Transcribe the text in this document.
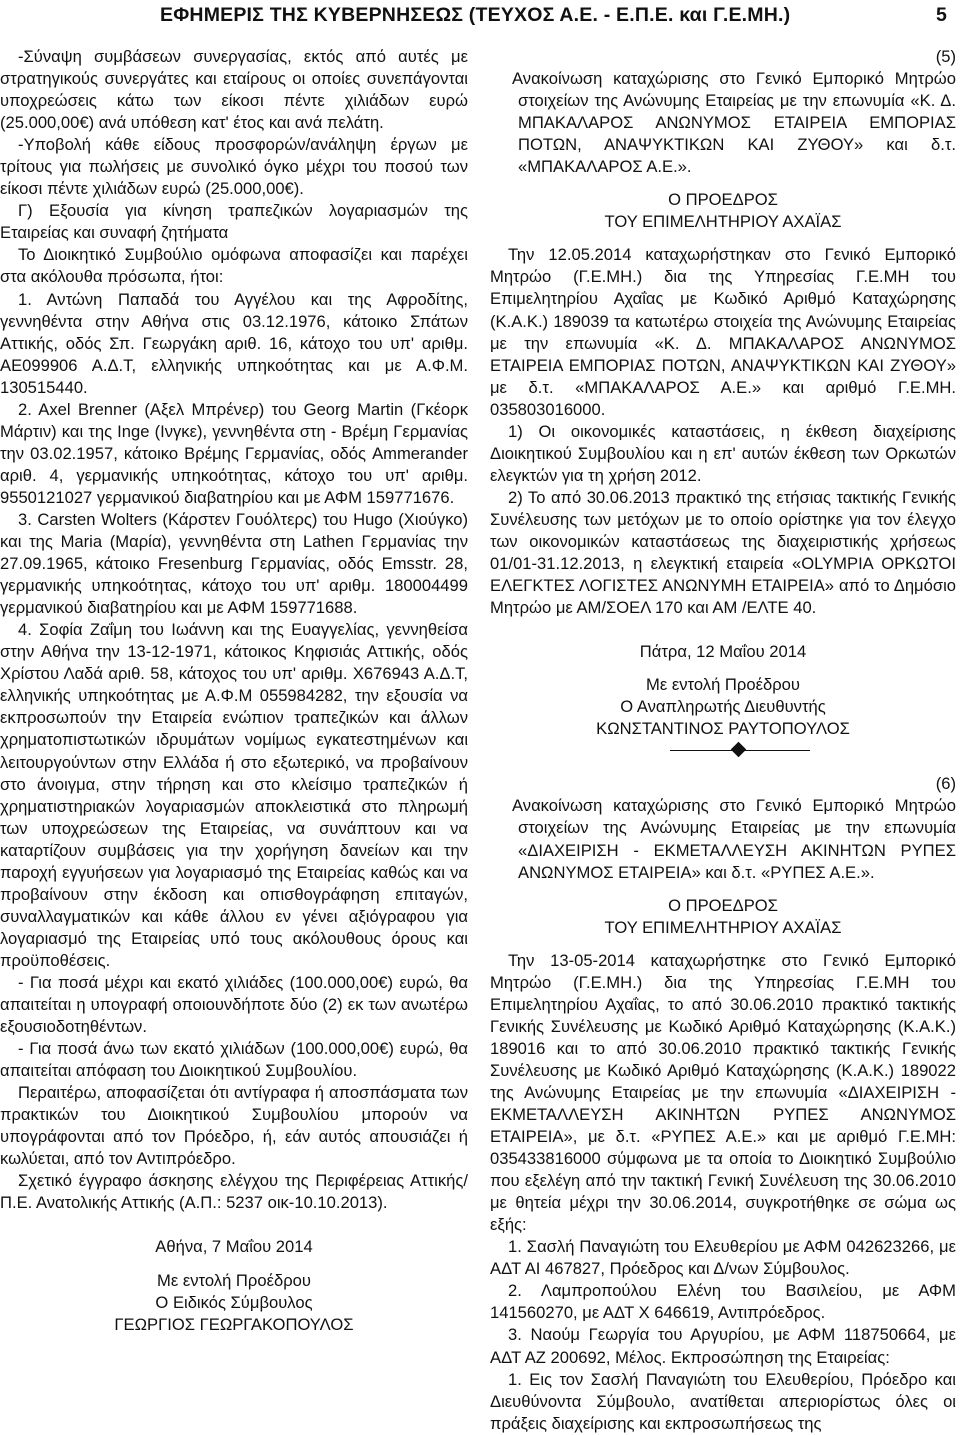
ΕΦΗΜΕΡΙΣ ΤΗΣ ΚΥΒΕΡΝΗΣΕΩΣ (ΤΕΥΧΟΣ Α.Ε. - Ε.Π.Ε. και Γ.Ε.ΜΗ.)	5

-Σύναψη συμβάσεων συνεργασίας, εκτός από αυτές με στρατηγικούς συνεργάτες και εταίρους οι οποίες συνεπάγονται υποχρεώσεις κάτω των είκοσι πέντε χιλιάδων ευρώ (25.000,00€) ανά υπόθεση κατ' έτος και ανά πελάτη.

-Υποβολή κάθε είδους προσφορών/ανάληψη έργων με τρίτους για πωλήσεις με συνολικό όγκο μέχρι του ποσού των είκοσι πέντε χιλιάδων ευρώ (25.000,00€).

Γ) Εξουσία για κίνηση τραπεζικών λογαριασμών της Εταιρείας και συναφή ζητήματα

Το Διοικητικό Συμβούλιο ομόφωνα αποφασίζει και παρέχει στα ακόλουθα πρόσωπα, ήτοι:

1. Αντώνη Παπαδά του Αγγέλου και της Αφροδίτης, γεννηθέντα στην Αθήνα στις 03.12.1976, κάτοικο Σπάτων Αττικής, οδός Σπ. Γεωργάκη αριθ. 16, κάτοχο του υπ' αριθμ. ΑΕ099906 Α.Δ.Τ, ελληνικής υπηκοότητας και με Α.Φ.Μ. 130515440.

2. Axel Brenner (Αξελ Μπρένερ) του Georg Martin (Γκέορκ Μάρτιν) και της Inge (Ινγκε), γεννηθέντα στη - Βρέμη Γερμανίας την 03.02.1957, κάτοικο Βρέμης Γερμανίας, οδός Ammerander αριθ. 4, γερμανικής υπηκοότητας, κάτοχο του υπ' αριθμ. 9550121027 γερμανικού διαβατηρίου και με ΑΦΜ 159771676.

3. Carsten Wolters (Κάρστεν Γουόλτερς) του Hugo (Χιούγκο) και της Maria (Μαρία), γεννηθέντα στη Lathen Γερμανίας την 27.09.1965, κάτοικο Fresenburg Γερμανίας, οδός Emsstr. 28, γερμανικής υπηκοότητας, κάτοχο του υπ' αριθμ. 180004499 γερμανικού διαβατηρίου και με ΑΦΜ 159771688.

4. Σοφία Ζαΐμη του Ιωάννη και της Ευαγγελίας, γεννηθείσα στην Αθήνα την 13-12-1971, κάτοικος Κηφισιάς Αττικής, οδός Χρίστου Λαδά αριθ. 58, κάτοχος του υπ' αριθμ. Χ676943 Α.Δ.Τ, ελληνικής υπηκοότητας με Α.Φ.Μ 055984282, την εξουσία να εκπροσωπούν την Εταιρεία ενώπιον τραπεζικών και άλλων χρηματοπιστωτικών ιδρυμάτων νομίμως εγκατεστημένων και λειτουργούντων στην Ελλάδα ή στο εξωτερικό, να προβαίνουν στο άνοιγμα, στην τήρηση και στο κλείσιμο τραπεζικών ή χρηματιστηριακών λογαριασμών αποκλειστικά στο πληρωμή των υποχρεώσεων της Εταιρείας, να συνάπτουν και να καταρτίζουν συμβάσεις για την χορήγηση δανείων και την παροχή εγγυήσεων για λογαριασμό της Εταιρείας καθώς και να προβαίνουν στην έκδοση και οπισθογράφηση επιταγών, συναλλαγματικών και κάθε άλλου εν γένει αξιόγραφου για λογαριασμό της Εταιρείας υπό τους ακόλουθους όρους και προϋποθέσεις.

- Για ποσά μέχρι και εκατό χιλιάδες (100.000,00€) ευρώ, θα απαιτείται η υπογραφή οποιουνδήποτε δύο (2) εκ των ανωτέρω εξουσιοδοτηθέντων.

- Για ποσά άνω των εκατό χιλιάδων (100.000,00€) ευρώ, θα απαιτείται απόφαση του Διοικητικού Συμβουλίου.

Περαιτέρω, αποφασίζεται ότι αντίγραφα ή αποσπάσματα των πρακτικών του Διοικητικού Συμβουλίου μπορούν να υπογράφονται από τον Πρόεδρο, ή, εάν αυτός απουσιάζει ή κωλύεται, από τον Αντιπρόεδρο.

Σχετικό έγγραφο άσκησης ελέγχου της Περιφέρειας Αττικής/Π.Ε. Ανατολικής Αττικής (Α.Π.: 5237 οικ-10.10.2013).

Αθήνα, 7 Μαΐου 2014

Με εντολή Προέδρου

Ο Ειδικός Σύμβουλος

ΓΕΩΡΓΙΟΣ ΓΕΩΡΓΑΚΟΠΟΥΛΟΣ

(5)

Ανακοίνωση καταχώρισης στο Γενικό Εμπορικό Μητρώο στοιχείων της Ανώνυμης Εταιρείας με την επωνυμία «Κ. Δ. ΜΠΑΚΑΛΑΡΟΣ ΑΝΩΝΥΜΟΣ ΕΤΑΙΡΕΙΑ ΕΜΠΟΡΙΑΣ ΠΟΤΩΝ, ΑΝΑΨΥΚΤΙΚΩΝ ΚΑΙ ΖΥΘΟΥ» και δ.τ. «ΜΠΑΚΑΛΑΡΟΣ Α.Ε.».

Ο ΠΡΟΕΔΡΟΣ

ΤΟΥ ΕΠΙΜΕΛΗΤΗΡΙΟΥ ΑΧΑΪΑΣ

Την 12.05.2014 καταχωρήστηκαν στο Γενικό Εμπορικό Μητρώο (Γ.Ε.ΜΗ.) δια της Υπηρεσίας Γ.Ε.ΜΗ του Επιμελητηρίου Αχαΐας με Κωδικό Αριθμό Καταχώρησης (Κ.Α.Κ.) 189039 τα κατωτέρω στοιχεία της Ανώνυμης Εταιρείας με την επωνυμία «Κ. Δ. ΜΠΑΚΑΛΑΡΟΣ ΑΝΩΝΥΜΟΣ ΕΤΑΙΡΕΙΑ ΕΜΠΟΡΙΑΣ ΠΟΤΩΝ, ΑΝΑΨΥΚΤΙΚΩΝ ΚΑΙ ΖΥΘΟΥ» με δ.τ. «ΜΠΑΚΑΛΑΡΟΣ Α.Ε.» και αριθμό Γ.Ε.ΜΗ. 035803016000.

1) Οι οικονομικές καταστάσεις, η έκθεση διαχείρισης Διοικητικού Συμβουλίου και η επ' αυτών έκθεση των Ορκωτών ελεγκτών για τη χρήση 2012.

2) Το από 30.06.2013 πρακτικό της ετήσιας τακτικής Γενικής Συνέλευσης των μετόχων με το οποίο ορίστηκε για τον έλεγχο των οικονομικών καταστάσεως της διαχειριστικής χρήσεως 01/01-31.12.2013, η ελεγκτική εταιρεία «OLYMPIA ΟΡΚΩΤΟΙ ΕΛΕΓΚΤΕΣ ΛΟΓΙΣΤΕΣ ΑΝΩΝΥΜΗ ΕΤΑΙΡΕΙΑ» από το Δημόσιο Μητρώο με ΑΜ/ΣΟΕΛ 170 και ΑΜ /ΕΛΤΕ 40.

Πάτρα, 12 Μαΐου 2014

Με εντολή Προέδρου

Ο Αναπληρωτής Διευθυντής

ΚΩΝΣΤΑΝΤΙΝΟΣ ΡΑΥΤΟΠΟΥΛΟΣ

(6)

Ανακοίνωση καταχώρισης στο Γενικό Εμπορικό Μητρώο στοιχείων της Ανώνυμης Εταιρείας με την επωνυμία «ΔΙΑΧΕΙΡΙΣΗ - ΕΚΜΕΤΑΛΛΕΥΣΗ ΑΚΙΝΗΤΩΝ ΡΥΠΕΣ ΑΝΩΝΥΜΟΣ ΕΤΑΙΡΕΙΑ» και δ.τ. «ΡΥΠΕΣ Α.Ε.».

Ο ΠΡΟΕΔΡΟΣ

ΤΟΥ ΕΠΙΜΕΛΗΤΗΡΙΟΥ ΑΧΑΪΑΣ

Την 13-05-2014 καταχωρήστηκε στο Γενικό Εμπορικό Μητρώο (Γ.Ε.ΜΗ.) δια της Υπηρεσίας Γ.Ε.ΜΗ του Επιμελητηρίου Αχαΐας, το από 30.06.2010 πρακτικό τακτικής Γενικής Συνέλευσης με Κωδικό Αριθμό Καταχώρησης (Κ.Α.Κ.) 189016 και το από 30.06.2010 πρακτικό τακτικής Γενικής Συνέλευσης με Κωδικό Αριθμό Καταχώρησης (Κ.Α.Κ.) 189022 της Ανώνυμης Εταιρείας με την επωνυμία «ΔΙΑΧΕΙΡΙΣΗ - ΕΚΜΕΤΑΛΛΕΥΣΗ ΑΚΙΝΗΤΩΝ ΡΥΠΕΣ ΑΝΩΝΥΜΟΣ ΕΤΑΙΡΕΙΑ», με δ.τ. «ΡΥΠΕΣ Α.Ε.» και με αριθμό Γ.Ε.ΜΗ: 035433816000 σύμφωνα με τα οποία το Διοικητικό Συμβούλιο που εξελέγη από την τακτική Γενική Συνέλευση της 30.06.2010 με θητεία μέχρι την 30.06.2014, συγκροτήθηκε σε σώμα ως εξής:

1. Σασλή Παναγιώτη του Ελευθερίου με ΑΦΜ 042623266, με ΑΔΤ ΑΙ 467827, Πρόεδρος και Δ/νων Σύμβουλος.

2. Λαμπροπούλου Ελένη του Βασιλείου, με ΑΦΜ 141560270, με ΑΔΤ Χ 646619, Αντιπρόεδρος.

3. Ναούμ Γεωργία του Αργυρίου, με ΑΦΜ 118750664, με ΑΔΤ ΑΖ 200692, Μέλος. Εκπροσώπηση της Εταιρείας:

1. Εις τον Σασλή Παναγιώτη του Ελευθερίου, Πρόεδρο και Διευθύνοντα Σύμβουλο, ανατίθεται απεριορίστως όλες οι πράξεις διαχείρισης και εκπροσωπήσεως της
